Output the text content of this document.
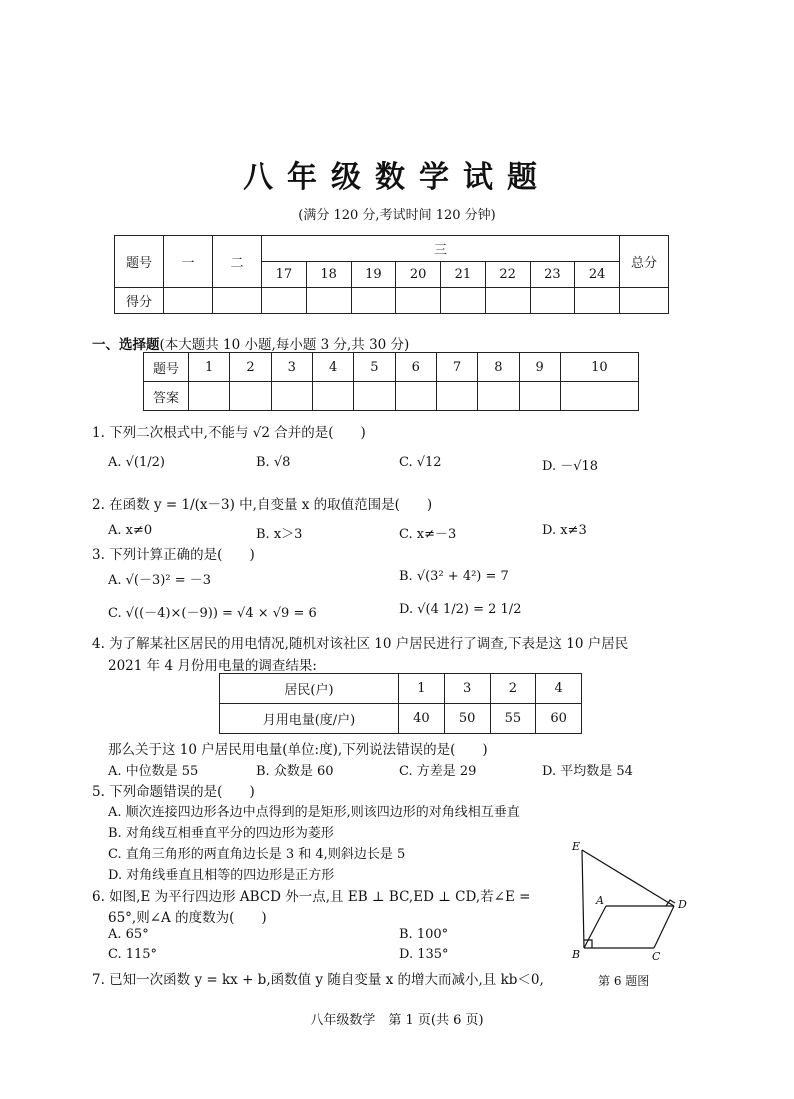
八年级数学试题
(满分 120 分,考试时间 120 分钟)
题号	一	二	三								总分
			17	18	19	20	21	22	23	24	
得分											
一、选择题(本大题共 10 小题,每小题 3 分,共 30 分)
题号	1	2	3	4	5	6	7	8	9	10
答案										
1. 下列二次根式中,不能与 √2 合并的是(　　)
A. √(1/2)	B. √8	C. √12	D. －√18
2. 在函数 y = 1/(x－3) 中,自变量 x 的取值范围是(　　)
A. x≠0	B. x＞3	C. x≠－3	D. x≠3
3. 下列计算正确的是(　　)
A. √(－3)² = －3	B. √(3² + 4²) = 7
C. √((－4)×(－9)) = √4 × √9 = 6	D. √(4 1/2) = 2 1/2
4. 为了解某社区居民的用电情况,随机对该社区 10 户居民进行了调查,下表是这 10 户居民
2021 年 4 月份用电量的调查结果:
居民(户)	1	3	2	4
月用电量(度/户)	40	50	55	60
那么关于这 10 户居民用电量(单位:度),下列说法错误的是(　　)
A. 中位数是 55	B. 众数是 60	C. 方差是 29	D. 平均数是 54
5. 下列命题错误的是(　　)
A. 顺次连接四边形各边中点得到的是矩形,则该四边形的对角线相互垂直
B. 对角线互相垂直平分的四边形为菱形
C. 直角三角形的两直角边长是 3 和 4,则斜边长是 5
D. 对角线垂直且相等的四边形是正方形
6. 如图,E 为平行四边形 ABCD 外一点,且 EB ⊥ BC,ED ⊥ CD,若∠E =
65°,则∠A 的度数为(　　)
A. 65°	B. 100°
C. 115°	D. 135°
E
A	D
B	C
第 6 题图
7. 已知一次函数 y = kx + b,函数值 y 随自变量 x 的增大而减小,且 kb＜0,
八年级数学　第 1 页(共 6 页)
